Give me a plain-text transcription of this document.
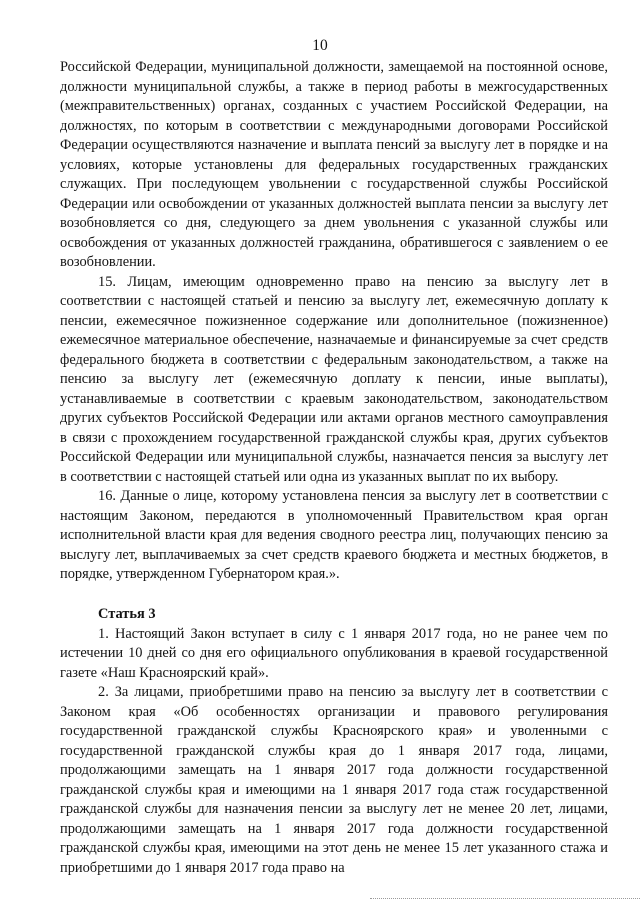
10

Российской Федерации, муниципальной должности, замещаемой на постоянной основе, должности муниципальной службы, а также в период работы в межгосударственных (межправительственных) органах, созданных с участием Российской Федерации, на должностях, по которым в соответствии с международными договорами Российской Федерации осуществляются назначение и выплата пенсий за выслугу лет в порядке и на условиях, которые установлены для федеральных государственных гражданских служащих. При последующем увольнении с государственной службы Российской Федерации или освобождении от указанных должностей выплата пенсии за выслугу лет возобновляется со дня, следующего за днем увольнения с указанной службы или освобождения от указанных должностей гражданина, обратившегося с заявлением о ее возобновлении.

15. Лицам, имеющим одновременно право на пенсию за выслугу лет в соответствии с настоящей статьей и пенсию за выслугу лет, ежемесячную доплату к пенсии, ежемесячное пожизненное содержание или дополнительное (пожизненное) ежемесячное материальное обеспечение, назначаемые и финансируемые за счет средств федерального бюджета в соответствии с федеральным законодательством, а также на пенсию за выслугу лет (ежемесячную доплату к пенсии, иные выплаты), устанавливаемые в соответствии с краевым законодательством, законодательством других субъектов Российской Федерации или актами органов местного самоуправления в связи с прохождением государственной гражданской службы края, других субъектов Российской Федерации или муниципальной службы, назначается пенсия за выслугу лет в соответствии с настоящей статьей или одна из указанных выплат по их выбору.

16. Данные о лице, которому установлена пенсия за выслугу лет в соответствии с настоящим Законом, передаются в уполномоченный Правительством края орган исполнительной власти края для ведения сводного реестра лиц, получающих пенсию за выслугу лет, выплачиваемых за счет средств краевого бюджета и местных бюджетов, в порядке, утвержденном Губернатором края.».

Статья 3

1. Настоящий Закон вступает в силу с 1 января 2017 года, но не ранее чем по истечении 10 дней со дня его официального опубликования в краевой государственной газете «Наш Красноярский край».

2. За лицами, приобретшими право на пенсию за выслугу лет в соответствии с Законом края «Об особенностях организации и правового регулирования государственной гражданской службы Красноярского края» и уволенными с государственной гражданской службы края до 1 января 2017 года, лицами, продолжающими замещать на 1 января 2017 года должности государственной гражданской службы края и имеющими на 1 января 2017 года стаж государственной гражданской службы для назначения пенсии за выслугу лет не менее 20 лет, лицами, продолжающими замещать на 1 января 2017 года должности государственной гражданской службы края, имеющими на этот день не менее 15 лет указанного стажа и приобретшими до 1 января 2017 года право на
